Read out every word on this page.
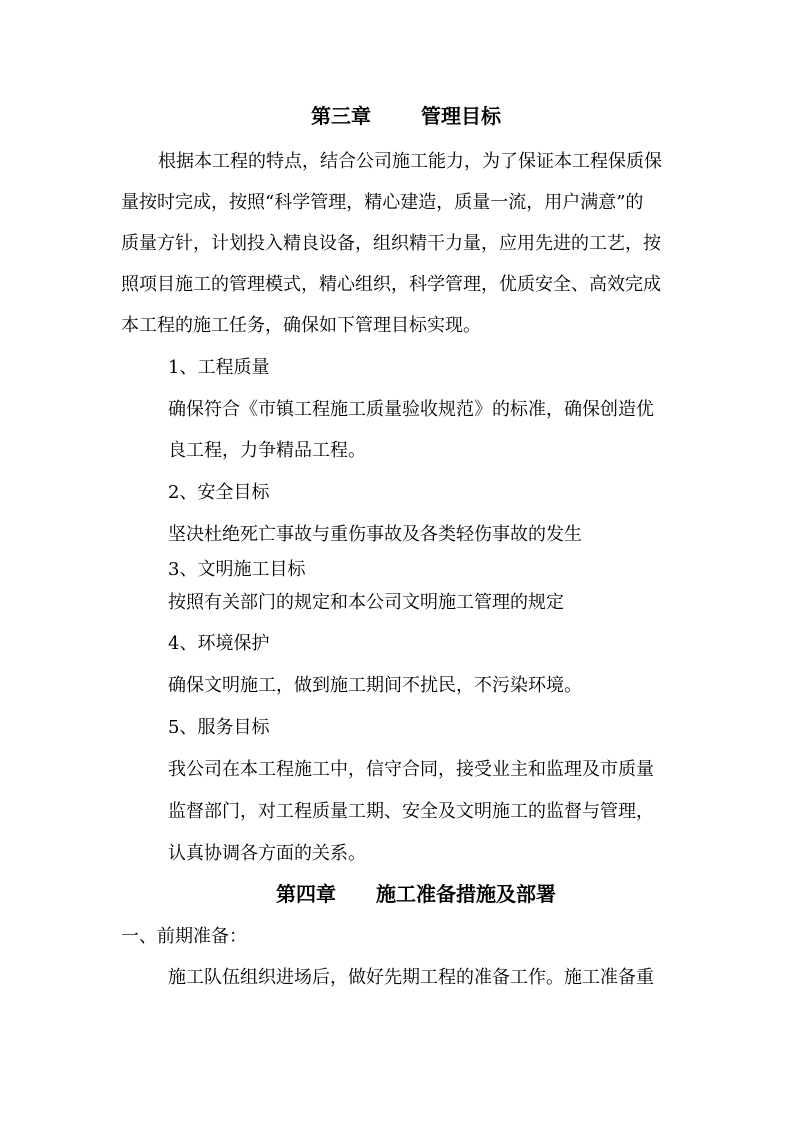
第三章	管理目标
根据本工程的特点，结合公司施工能力，为了保证本工程保质保
量按时完成，按照“科学管理，精心建造，质量一流，用户满意”的
质量方针，计划投入精良设备，组织精干力量，应用先进的工艺，按
照项目施工的管理模式，精心组织，科学管理，优质安全、高效完成
本工程的施工任务，确保如下管理目标实现。
1、工程质量
确保符合《市镇工程施工质量验收规范》的标准，确保创造优
良工程，力争精品工程。
2、安全目标
坚决杜绝死亡事故与重伤事故及各类轻伤事故的发生
3、文明施工目标
按照有关部门的规定和本公司文明施工管理的规定
4、环境保护
确保文明施工，做到施工期间不扰民，不污染环境。
5、服务目标
我公司在本工程施工中，信守合同，接受业主和监理及市质量
监督部门，对工程质量工期、安全及文明施工的监督与管理，
认真协调各方面的关系。
第四章 施工准备措施及部署
一、前期准备：
施工队伍组织进场后，做好先期工程的准备工作。施工准备重
